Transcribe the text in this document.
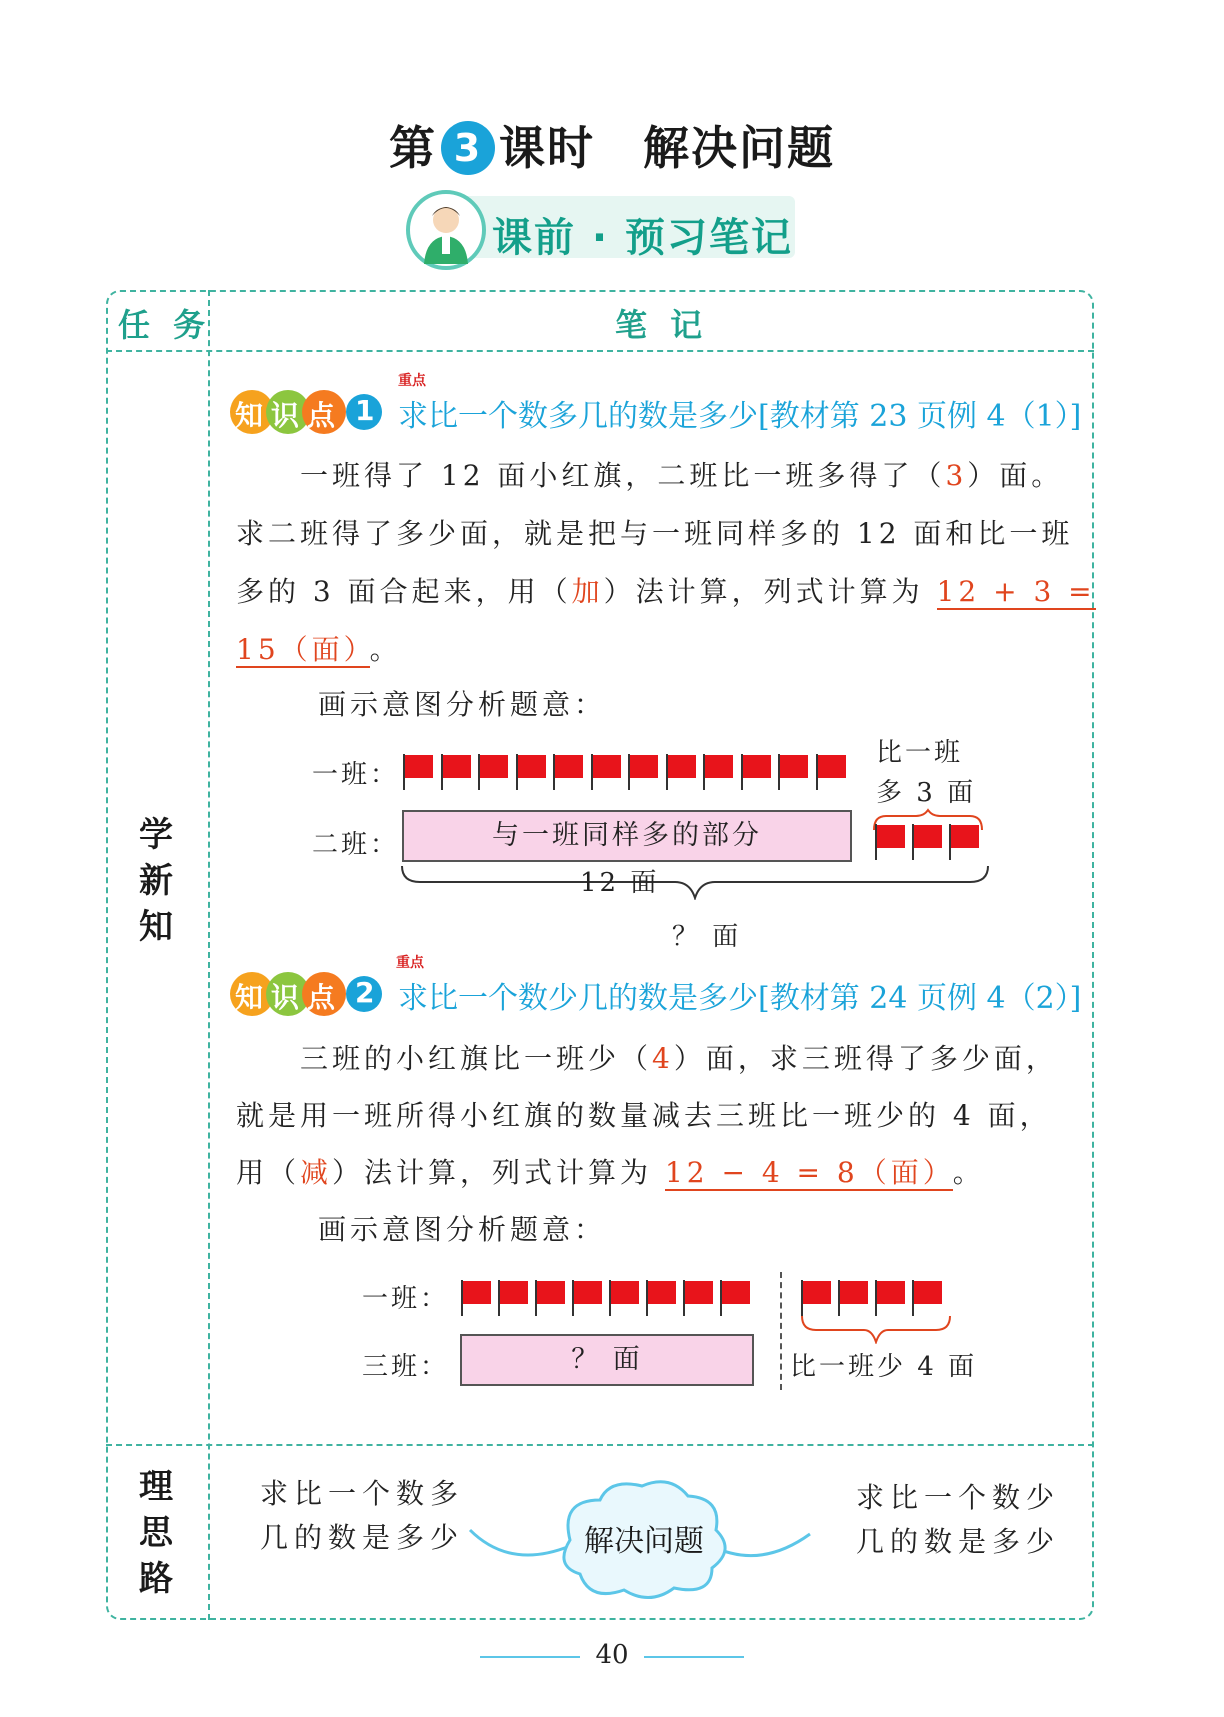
第 3 课时　解决问题
课前 · 预习笔记
任 务	笔 记
学
新
知
理
思
路
重点
知识点 1 求比一个数多几的数是多少[教材第 23 页例 4（1）]
一班得了 12 面小红旗，二班比一班多得了（3）面。
求二班得了多少面，就是把与一班同样多的 12 面和比一班
多的 3 面合起来，用（加）法计算，列式计算为 12 + 3 =
15（面） 。
画示意图分析题意：
一班：
比一班
多 3 面
二班：	与一班同样多的部分
12 面
？ 面
重点
知识点 2 求比一个数少几的数是多少[教材第 24 页例 4（2）]
三班的小红旗比一班少（4）面，求三班得了多少面，
就是用一班所得小红旗的数量减去三班比一班少的 4 面，
用（减）法计算，列式计算为 12 − 4 = 8（面） 。
画示意图分析题意：
一班：
三班：	？ 面	比一班少 4 面
求比一个数多
几的数是多少	解决问题
求比一个数少
几的数是多少
40
